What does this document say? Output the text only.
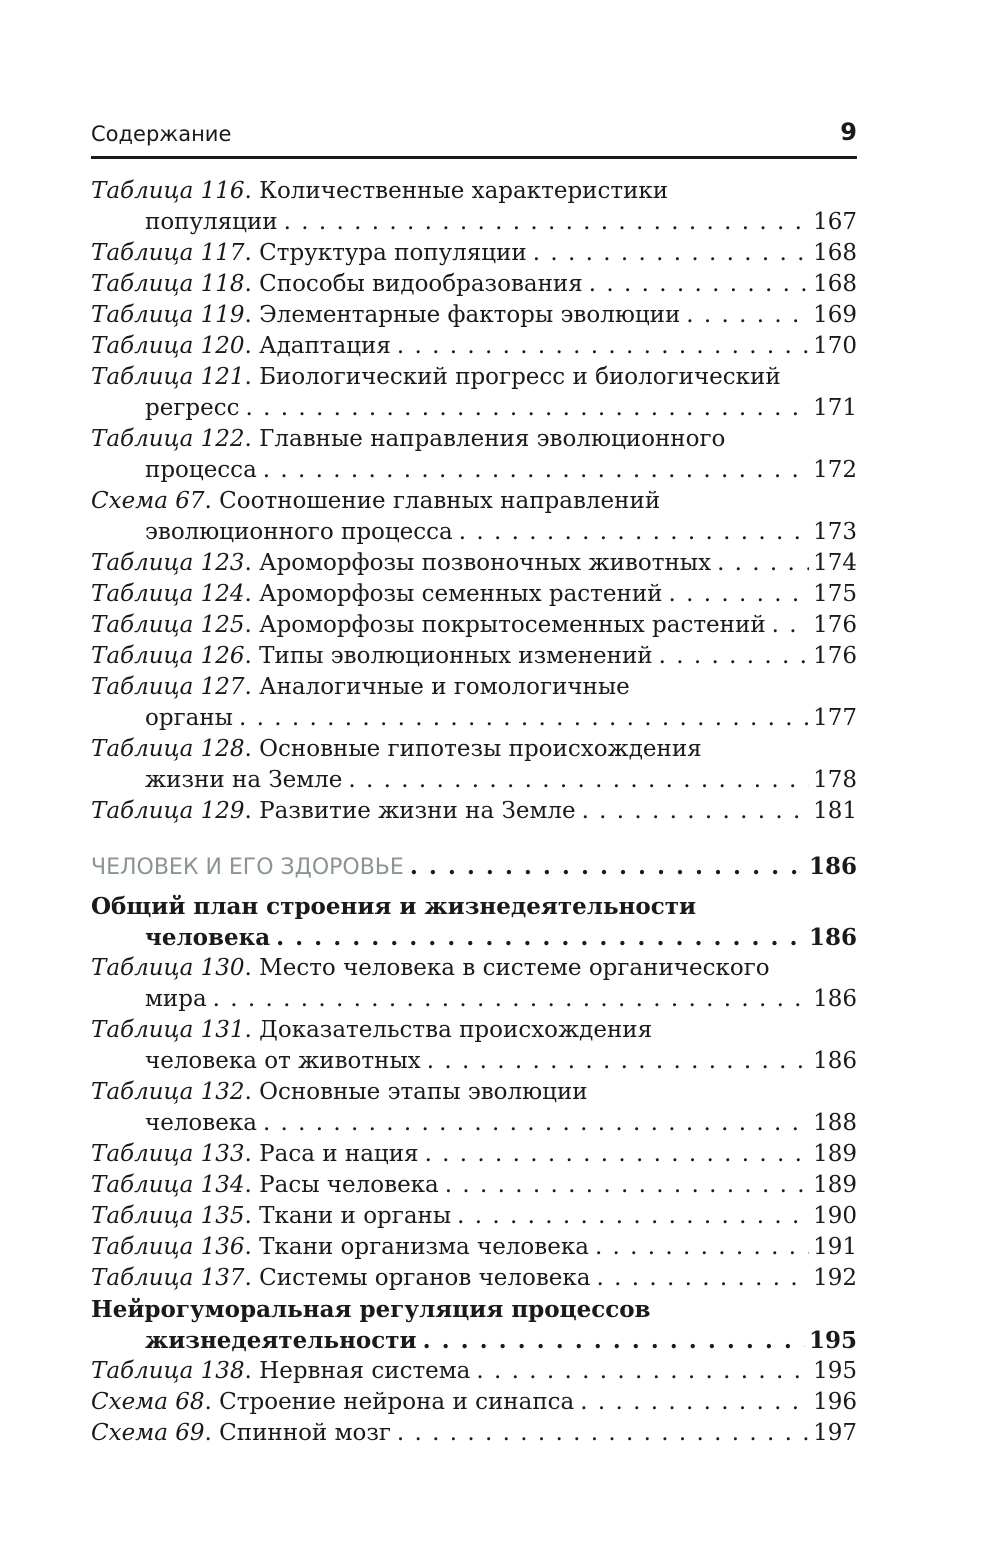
Содержание	9
Таблица 116. Количественные характеристики
популяции . . .	167
Таблица 117. Структура популяции . . .	168
Таблица 118. Способы видообразования . . .	168
Таблица 119. Элементарные факторы эволюции . . .	169
Таблица 120. Адаптация . . .	170
Таблица 121. Биологический прогресс и биологический
регресс . . .	171
Таблица 122. Главные направления эволюционного
процесса . . .	172
Схема 67. Соотношение главных направлений
эволюционного процесса . . .	173
Таблица 123. Ароморфозы позвоночных животных . . .	174
Таблица 124. Ароморфозы семенных растений . . .	175
Таблица 125. Ароморфозы покрытосеменных растений . . . 176
Таблица 126. Типы эволюционных изменений . . .	176
Таблица 127. Аналогичные и гомологичные
органы . . .	177
Таблица 128. Основные гипотезы происхождения
жизни на Земле . . .	178
Таблица 129. Развитие жизни на Земле . . .	181
ЧЕЛОВЕК И ЕГО ЗДОРОВЬЕ . . .	186
Общий план строения и жизнедеятельности
человека . . .	186
Таблица 130. Место человека в системе органического
мира . . .	186
Таблица 131. Доказательства происхождения
человека от животных . . .	186
Таблица 132. Основные этапы эволюции
человека . . .	188
Таблица 133. Раса и нация . . .	189
Таблица 134. Расы человека . . .	189
Таблица 135. Ткани и органы . . .	190
Таблица 136. Ткани организма человека . . .	191
Таблица 137. Системы органов человека . . .	192
Нейрогуморальная регуляция процессов
жизнедеятельности . . .	195
Таблица 138. Нервная система . . .	195
Схема 68. Строение нейрона и синапса . . .	196
Схема 69. Спинной мозг . . .	197
